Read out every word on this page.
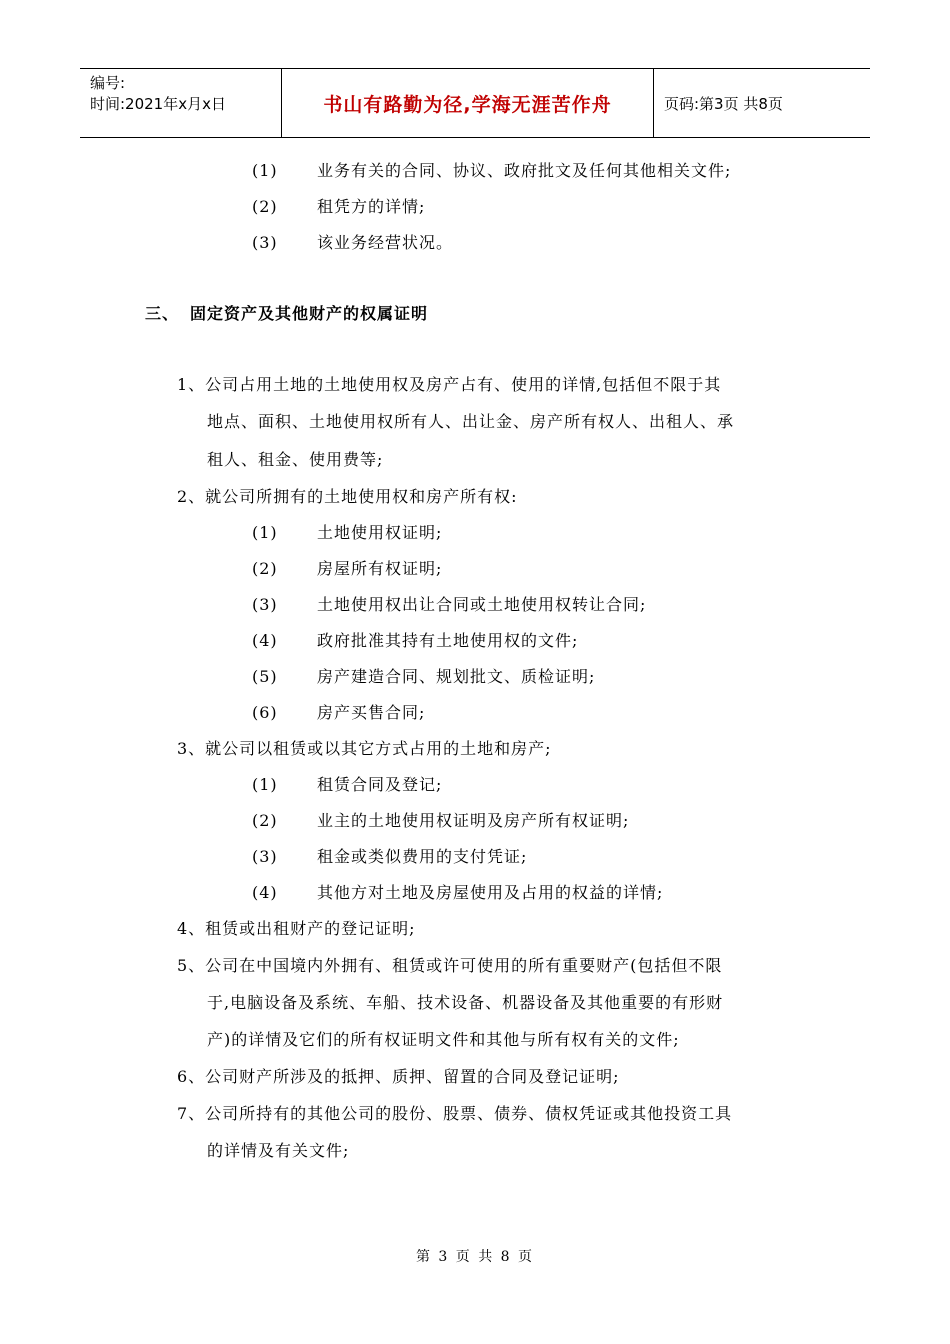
编号:
时间:2021年x月x日	书山有路勤为径,学海无涯苦作舟	页码:第3页 共8页
(1) 业务有关的合同、协议、政府批文及任何其他相关文件;
(2) 租凭方的详情;
(3) 该业务经营状况。
三、 固定资产及其他财产的权属证明
1、公司占用土地的土地使用权及房产占有、使用的详情,包括但不限于其
地点、面积、土地使用权所有人、出让金、房产所有权人、出租人、承
租人、租金、使用费等;
2、就公司所拥有的土地使用权和房产所有权:
(1) 土地使用权证明;
(2) 房屋所有权证明;
(3) 土地使用权出让合同或土地使用权转让合同;
(4) 政府批准其持有土地使用权的文件;
(5) 房产建造合同、规划批文、质检证明;
(6) 房产买售合同;
3、就公司以租赁或以其它方式占用的土地和房产;
(1) 租赁合同及登记;
(2) 业主的土地使用权证明及房产所有权证明;
(3) 租金或类似费用的支付凭证;
(4) 其他方对土地及房屋使用及占用的权益的详情;
4、租赁或出租财产的登记证明;
5、公司在中国境内外拥有、租赁或许可使用的所有重要财产(包括但不限
于,电脑设备及系统、车船、技术设备、机器设备及其他重要的有形财
产)的详情及它们的所有权证明文件和其他与所有权有关的文件;
6、公司财产所涉及的抵押、质押、留置的合同及登记证明;
7、公司所持有的其他公司的股份、股票、债券、债权凭证或其他投资工具
的详情及有关文件;
第 3 页 共 8 页
